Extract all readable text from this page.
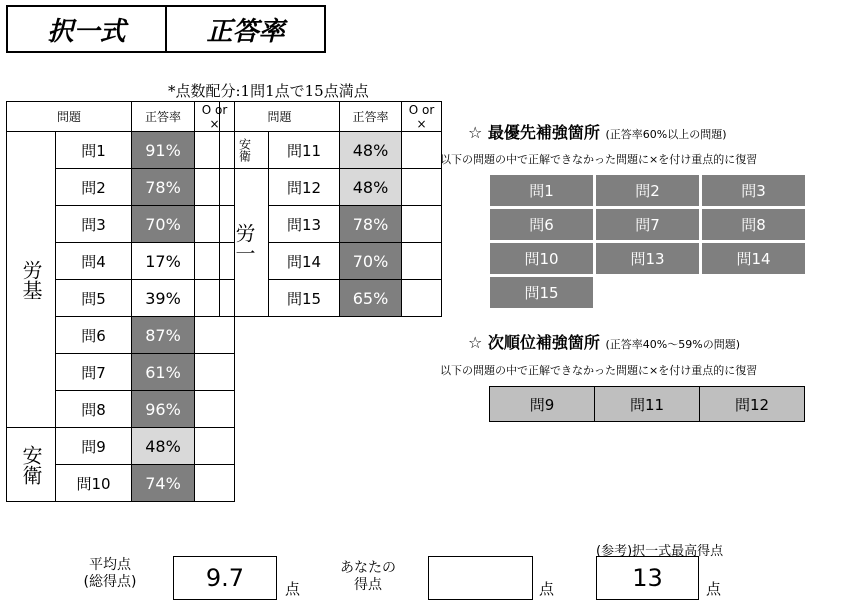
択一式	正答率
*点数配分:1問1点で15点満点
問題		正答率	O or ×
労基	問1	91%	
	問2	78%	
	問3	70%	
	問4	17%	
	問5	39%	
	問6	87%	
	問7	61%	
	問8	96%	
安衛	問9	48%	
	問10	74%	
問題		正答率	O or ×
安衛	問11	48%	
労一	問12	48%	
	問13	78%	
	問14	70%	
	問15	65%	
☆ 最優先補強箇所 (正答率60%以上の問題)
以下の問題の中で正解できなかった問題に×を付け重点的に復習
問1	問2	問3
問6	問7	問8
問10	問13	問14
問15
☆ 次順位補強箇所 (正答率40%〜59%の問題)
以下の問題の中で正解できなかった問題に×を付け重点的に復習
問9	問11	問12
平均点
(総得点)	9.7	点
あなたの
得点	点
(参考)択一式最高得点
13	点
